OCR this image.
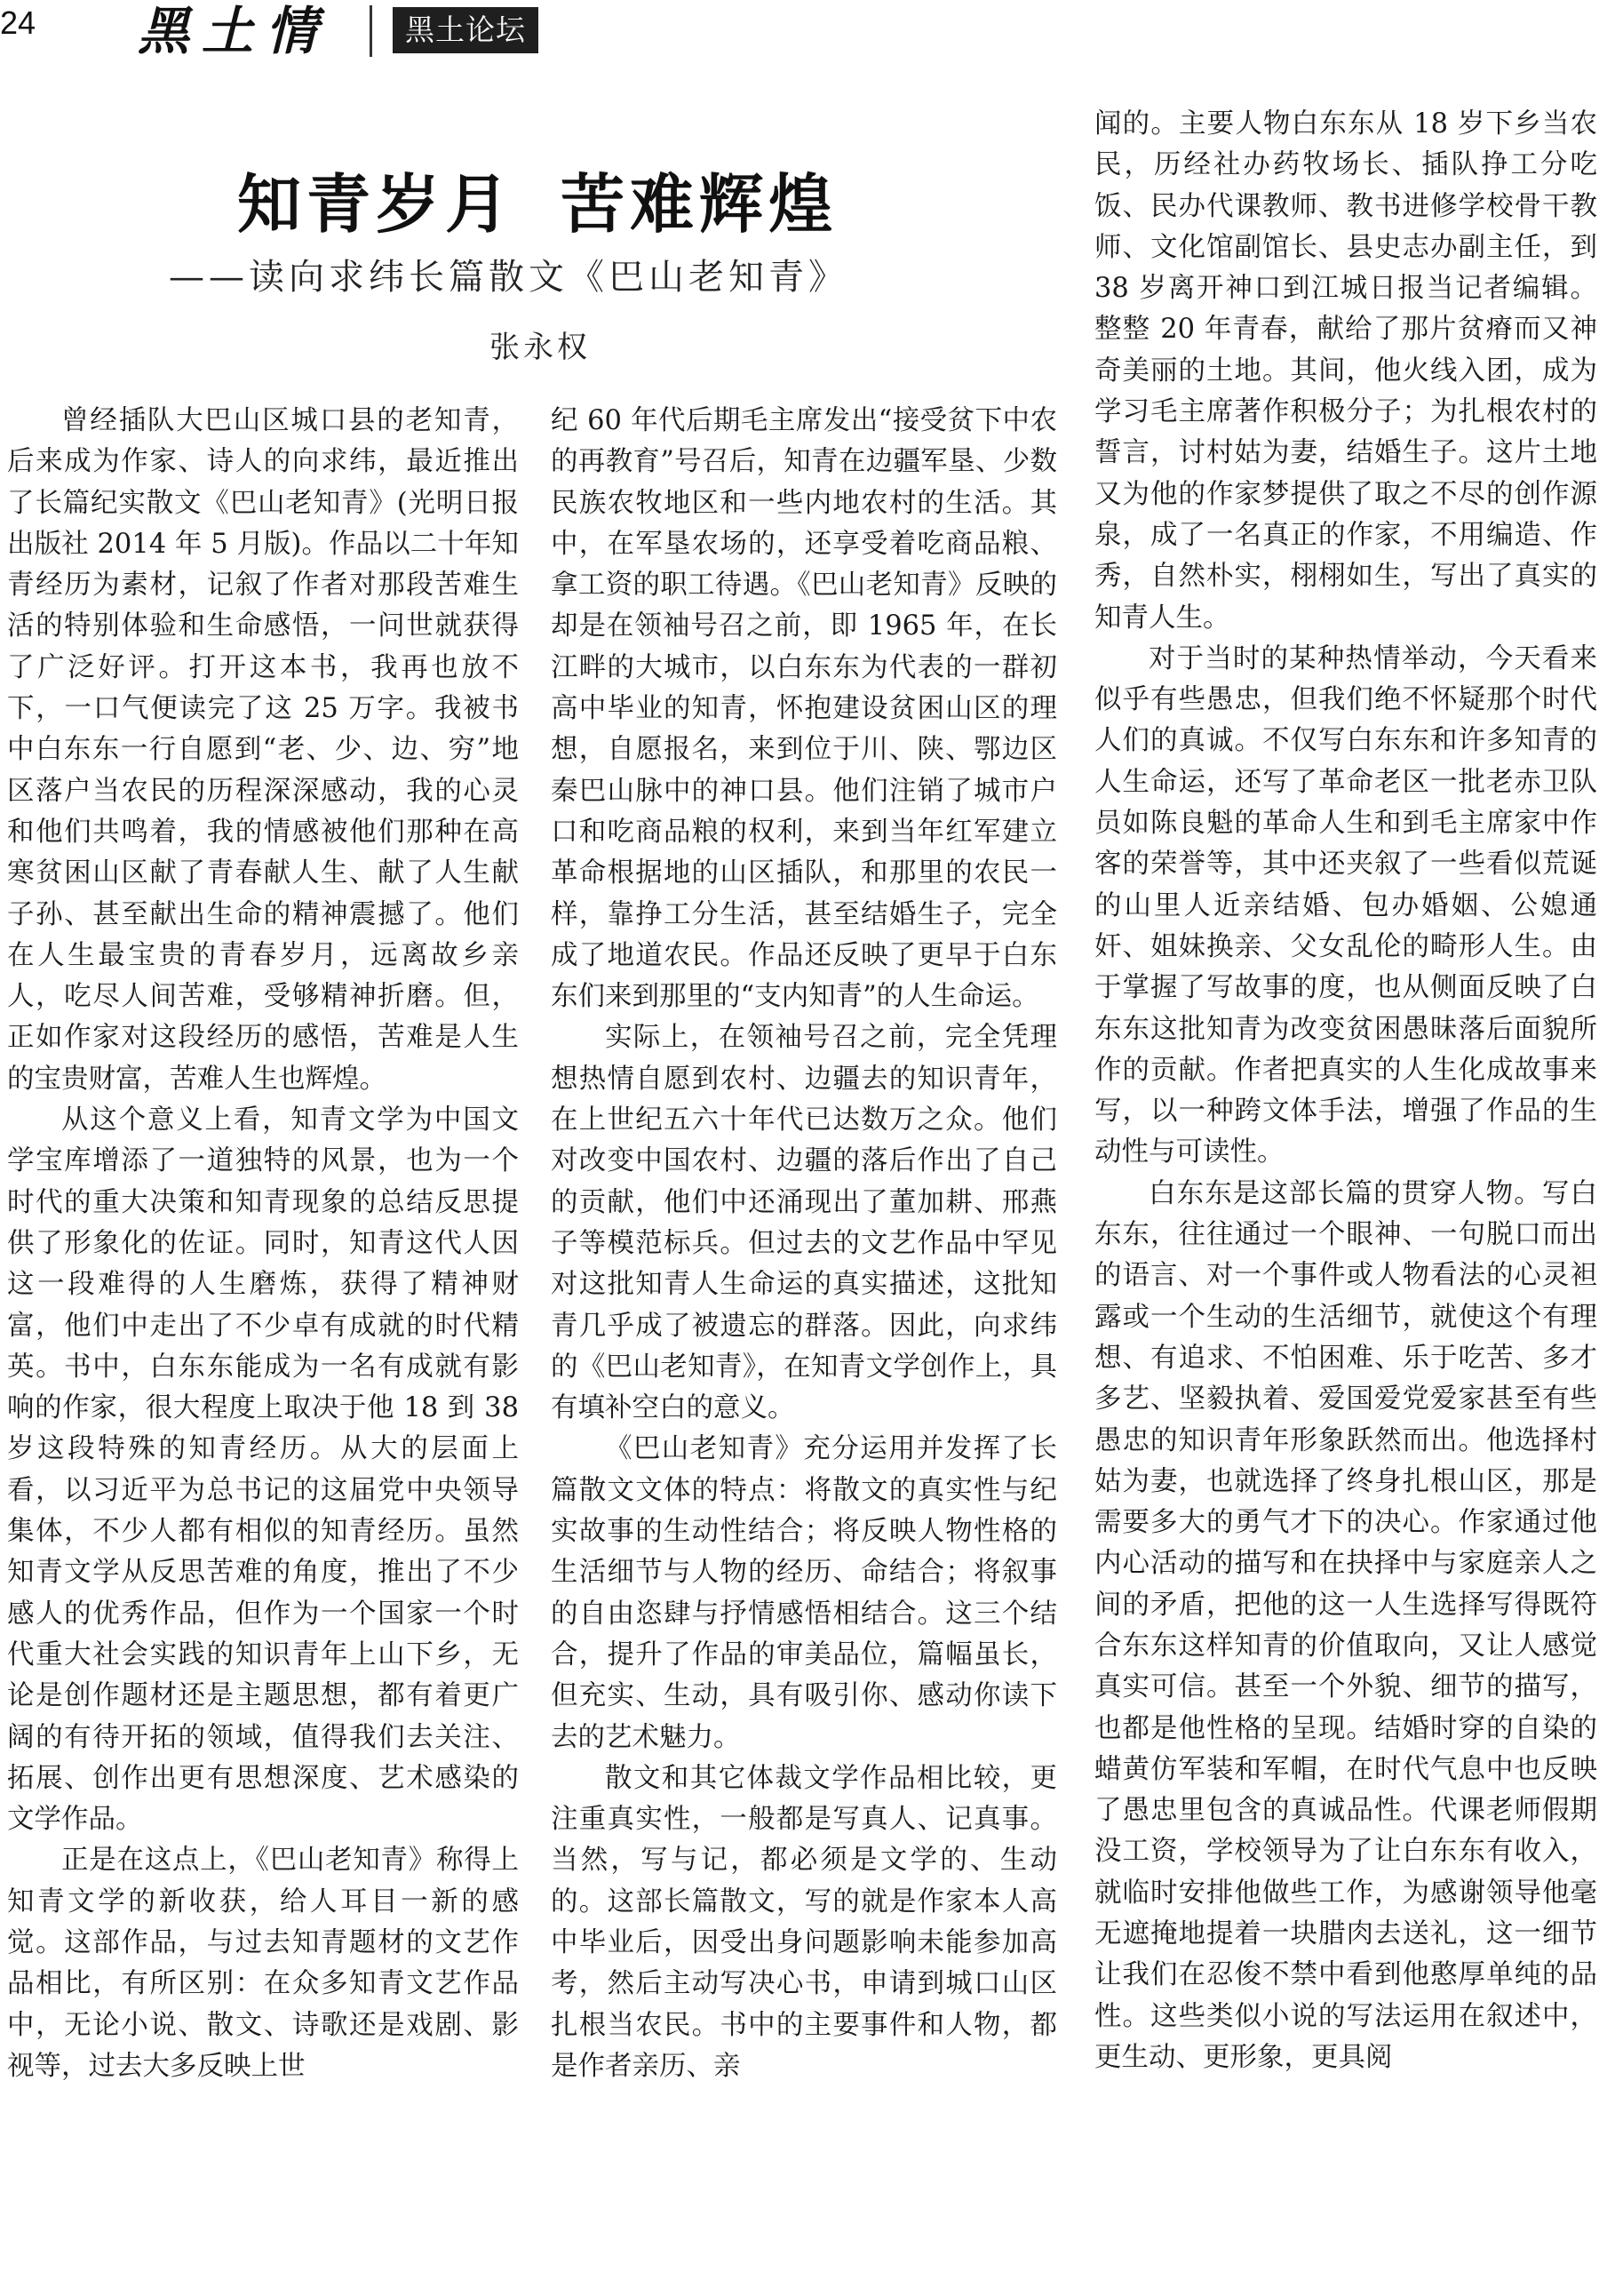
24 黑土情	黑土论坛
知青岁月 苦难辉煌
——读向求纬长篇散文《巴山老知青》
张永权

曾经插队大巴山区城口县的老知青，后来成为作家、诗人的向求纬，最近推出了长篇纪实散文《巴山老知青》(光明日报出版社 2014 年 5 月版)。作品以二十年知青经历为素材，记叙了作者对那段苦难生活的特别体验和生命感悟，一问世就获得了广泛好评。打开这本书，我再也放不下，一口气便读完了这 25 万字。我被书中白东东一行自愿到“老、少、边、穷”地区落户当农民的历程深深感动，我的心灵和他们共鸣着，我的情感被他们那种在高寒贫困山区献了青春献人生、献了人生献子孙、甚至献出生命的精神震撼了。他们在人生最宝贵的青春岁月，远离故乡亲人，吃尽人间苦难，受够精神折磨。但，正如作家对这段经历的感悟，苦难是人生的宝贵财富，苦难人生也辉煌。

从这个意义上看，知青文学为中国文学宝库增添了一道独特的风景，也为一个时代的重大决策和知青现象的总结反思提供了形象化的佐证。同时，知青这代人因这一段难得的人生磨炼，获得了精神财富，他们中走出了不少卓有成就的时代精英。书中，白东东能成为一名有成就有影响的作家，很大程度上取决于他 18 到 38 岁这段特殊的知青经历。从大的层面上看，以习近平为总书记的这届党中央领导集体，不少人都有相似的知青经历。虽然知青文学从反思苦难的角度，推出了不少感人的优秀作品，但作为一个国家一个时代重大社会实践的知识青年上山下乡，无论是创作题材还是主题思想，都有着更广阔的有待开拓的领域，值得我们去关注、拓展、创作出更有思想深度、艺术感染的文学作品。

正是在这点上，《巴山老知青》称得上知青文学的新收获，给人耳目一新的感觉。这部作品，与过去知青题材的文艺作品相比，有所区别：在众多知青文艺作品中，无论小说、散文、诗歌还是戏剧、影视等，过去大多反映上世

纪 60 年代后期毛主席发出“接受贫下中农的再教育”号召后，知青在边疆军垦、少数民族农牧地区和一些内地农村的生活。其中，在军垦农场的，还享受着吃商品粮、拿工资的职工待遇。《巴山老知青》反映的却是在领袖号召之前，即 1965 年，在长江畔的大城市，以白东东为代表的一群初高中毕业的知青，怀抱建设贫困山区的理想，自愿报名，来到位于川、陕、鄂边区秦巴山脉中的神口县。他们注销了城市户口和吃商品粮的权利，来到当年红军建立革命根据地的山区插队，和那里的农民一样，靠挣工分生活，甚至结婚生子，完全成了地道农民。作品还反映了更早于白东东们来到那里的“支内知青”的人生命运。

实际上，在领袖号召之前，完全凭理想热情自愿到农村、边疆去的知识青年，在上世纪五六十年代已达数万之众。他们对改变中国农村、边疆的落后作出了自己的贡献，他们中还涌现出了董加耕、邢燕子等模范标兵。但过去的文艺作品中罕见对这批知青人生命运的真实描述，这批知青几乎成了被遗忘的群落。因此，向求纬的《巴山老知青》，在知青文学创作上，具有填补空白的意义。

《巴山老知青》充分运用并发挥了长篇散文文体的特点：将散文的真实性与纪实故事的生动性结合；将反映人物性格的生活细节与人物的经历、命结合；将叙事的自由恣肆与抒情感悟相结合。这三个结合，提升了作品的审美品位，篇幅虽长，但充实、生动，具有吸引你、感动你读下去的艺术魅力。

散文和其它体裁文学作品相比较，更注重真实性，一般都是写真人、记真事。当然，写与记，都必须是文学的、生动的。这部长篇散文，写的就是作家本人高中毕业后，因受出身问题影响未能参加高考，然后主动写决心书，申请到城口山区扎根当农民。书中的主要事件和人物，都是作者亲历、亲

闻的。主要人物白东东从 18 岁下乡当农民，历经社办药牧场长、插队挣工分吃饭、民办代课教师、教书进修学校骨干教师、文化馆副馆长、县史志办副主任，到 38 岁离开神口到江城日报当记者编辑。整整 20 年青春，献给了那片贫瘠而又神奇美丽的土地。其间，他火线入团，成为学习毛主席著作积极分子；为扎根农村的誓言，讨村姑为妻，结婚生子。这片土地又为他的作家梦提供了取之不尽的创作源泉，成了一名真正的作家，不用编造、作秀，自然朴实，栩栩如生，写出了真实的知青人生。

对于当时的某种热情举动，今天看来似乎有些愚忠，但我们绝不怀疑那个时代人们的真诚。不仅写白东东和许多知青的人生命运，还写了革命老区一批老赤卫队员如陈良魁的革命人生和到毛主席家中作客的荣誉等，其中还夹叙了一些看似荒诞的山里人近亲结婚、包办婚姻、公媳通奸、姐妹换亲、父女乱伦的畸形人生。由于掌握了写故事的度，也从侧面反映了白东东这批知青为改变贫困愚昧落后面貌所作的贡献。作者把真实的人生化成故事来写，以一种跨文体手法，增强了作品的生动性与可读性。

白东东是这部长篇的贯穿人物。写白东东，往往通过一个眼神、一句脱口而出的语言、对一个事件或人物看法的心灵袒露或一个生动的生活细节，就使这个有理想、有追求、不怕困难、乐于吃苦、多才多艺、坚毅执着、爱国爱党爱家甚至有些愚忠的知识青年形象跃然而出。他选择村姑为妻，也就选择了终身扎根山区，那是需要多大的勇气才下的决心。作家通过他内心活动的描写和在抉择中与家庭亲人之间的矛盾，把他的这一人生选择写得既符合东东这样知青的价值取向，又让人感觉真实可信。甚至一个外貌、细节的描写，也都是他性格的呈现。结婚时穿的自染的蜡黄仿军装和军帽，在时代气息中也反映了愚忠里包含的真诚品性。代课老师假期没工资，学校领导为了让白东东有收入，就临时安排他做些工作，为感谢领导他毫无遮掩地提着一块腊肉去送礼，这一细节让我们在忍俊不禁中看到他憨厚单纯的品性。这些类似小说的写法运用在叙述中，更生动、更形象，更具阅
